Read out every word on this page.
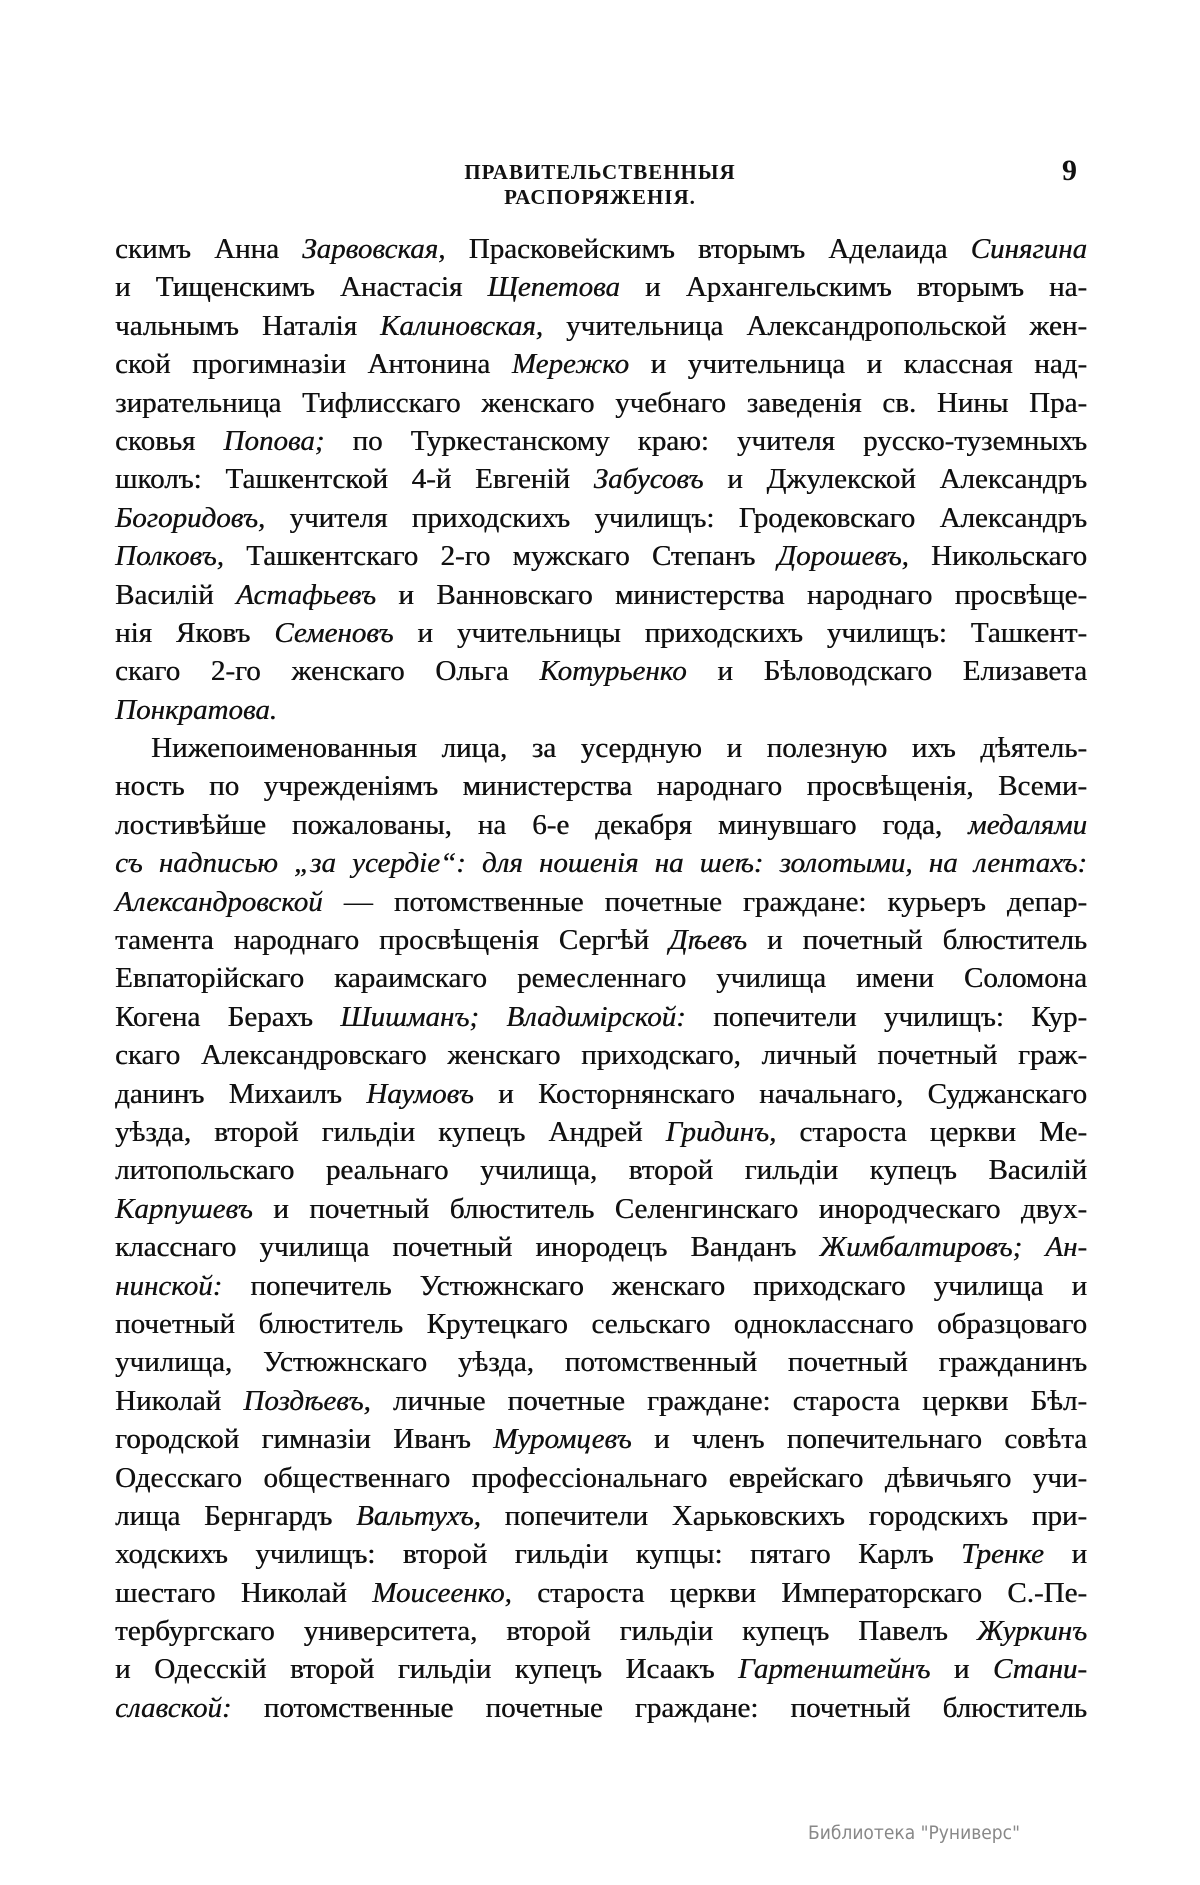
ПРАВИТЕЛЬСТВЕННЫЯ РАСПОРЯЖЕНІЯ.
9
скимъ Анна Зарвовская, Прасковейскимъ вторымъ Аделаида Синягина
и Тищенскимъ Анастасія Щепетова и Архангельскимъ вторымъ на-
чальнымъ Наталія Калиновская, учительница Александропольской жен-
ской прогимназіи Антонина Мережко и учительница и классная над-
зирательница Тифлисскаго женскаго учебнаго заведенія св. Нины Пра-
сковья Попова; по Туркестанскому краю: учителя русско-туземныхъ
школъ: Ташкентской 4-й Евгеній Забусовъ и Джулекской Александръ
Богоридовъ, учителя приходскихъ училищъ: Гродековскаго Александръ
Полковъ, Ташкентскаго 2-го мужскаго Степанъ Дорошевъ, Никольскаго
Василій Астафьевъ и Ванновскаго министерства народнаго просвѣще-
нія Яковъ Семеновъ и учительницы приходскихъ училищъ: Ташкент-
скаго 2-го женскаго Ольга Котурьенко и Бѣловодскаго Елизавета
Понкратова.
Нижепоименованныя лица, за усердную и полезную ихъ дѣятель-
ность по учрежденіямъ министерства народнаго просвѣщенія, Всеми-
лостивѣйше пожалованы, на 6-е декабря минувшаго года, медалями
съ надписью „за усердіе“: для ношенія на шеѣ: золотыми, на лентахъ:
Александровской — потомственные почетные граждане: курьеръ депар-
тамента народнаго просвѣщенія Сергѣй Дѣевъ и почетный блюститель
Евпаторійскаго караимскаго ремесленнаго училища имени Соломона
Когена Берахъ Шишманъ; Владимірской: попечители училищъ: Кур-
скаго Александровскаго женскаго приходскаго, личный почетный граж-
данинъ Михаилъ Наумовъ и Косторнянскаго начальнаго, Суджанскаго
уѣзда, второй гильдіи купецъ Андрей Гридинъ, староста церкви Ме-
литопольскаго реальнаго училища, второй гильдіи купецъ Василій
Карпушевъ и почетный блюститель Селенгинскаго инородческаго двух-
класснаго училища почетный инородецъ Ванданъ Жимбалтировъ; Ан-
нинской: попечитель Устюжнскаго женскаго приходскаго училища и
почетный блюститель Крутецкаго сельскаго однокласснаго образцоваго
училища, Устюжнскаго уѣзда, потомственный почетный гражданинъ
Николай Поздѣевъ, личные почетные граждане: староста церкви Бѣл-
городской гимназіи Иванъ Муромцевъ и членъ попечительнаго совѣта
Одесскаго общественнаго профессіональнаго еврейскаго дѣвичьяго учи-
лища Бернгардъ Вальтухъ, попечители Харьковскихъ городскихъ при-
ходскихъ училищъ: второй гильдіи купцы: пятаго Карлъ Тренке и
шестаго Николай Моисеенко, староста церкви Императорскаго С.-Пе-
тербургскаго университета, второй гильдіи купецъ Павелъ Журкинъ
и Одесскій второй гильдіи купецъ Исаакъ Гартенштейнъ и Стани-
славской: потомственные почетные граждане: почетный блюститель
Библиотека "Руниверс"
